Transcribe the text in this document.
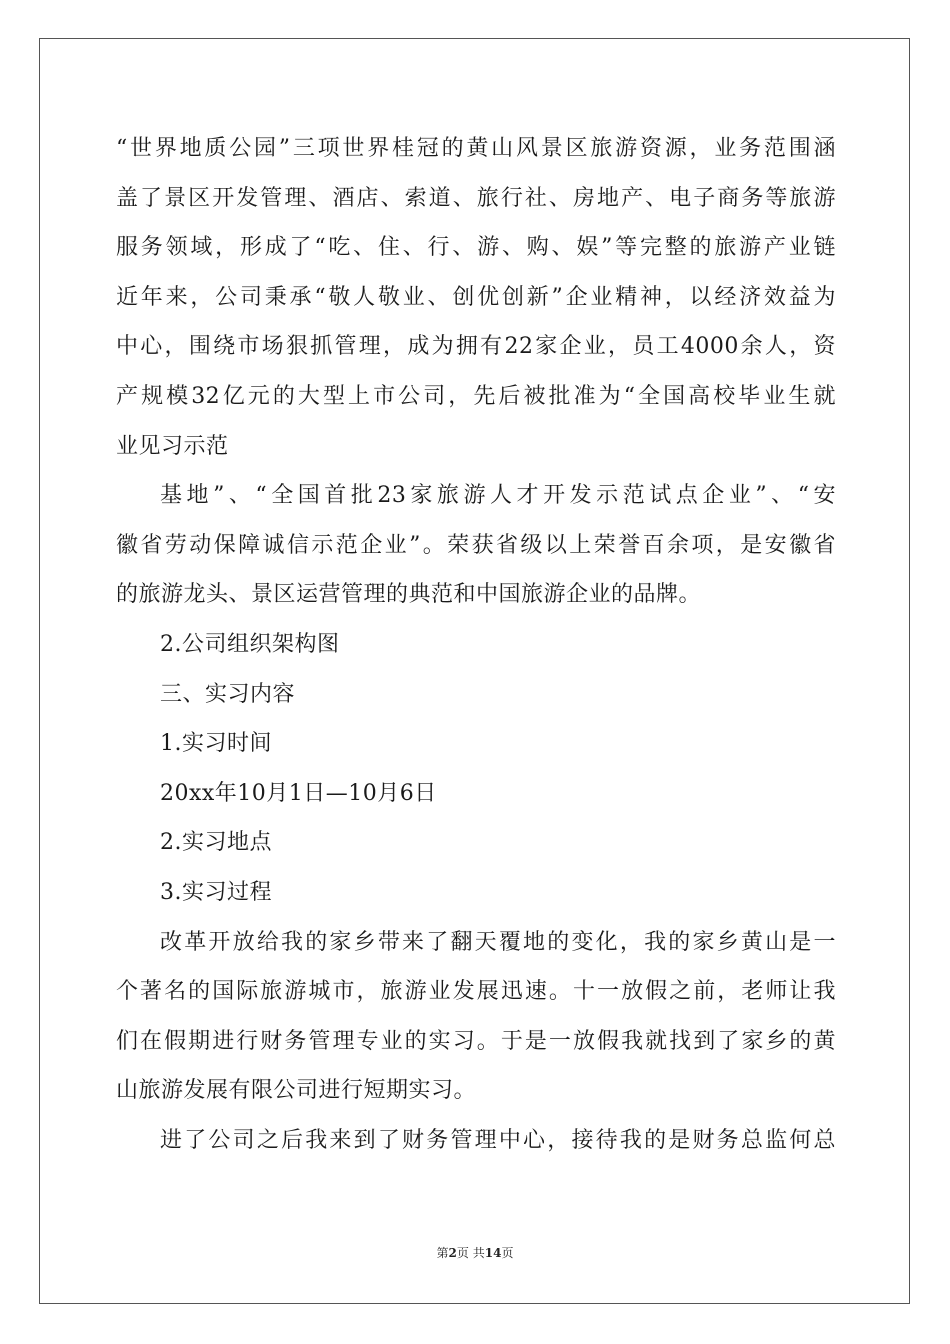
“世界地质公园”三项世界桂冠的黄山风景区旅游资源，业务范围涵
盖了景区开发管理、酒店、索道、旅行社、房地产、电子商务等旅游
服务领域，形成了“吃、住、行、游、购、娱”等完整的旅游产业链
近年来，公司秉承“敬人敬业、创优创新”企业精神，以经济效益为
中心，围绕市场狠抓管理，成为拥有22家企业，员工4000余人，资
产规模32亿元的大型上市公司，先后被批准为“全国高校毕业生就
业见习示范
基地”、“全国首批23家旅游人才开发示范试点企业”、“安
徽省劳动保障诚信示范企业”。荣获省级以上荣誉百余项，是安徽省
的旅游龙头、景区运营管理的典范和中国旅游企业的品牌。
2.公司组织架构图
三、实习内容
1.实习时间
20xx年10月1日—10月6日
2.实习地点
3.实习过程
改革开放给我的家乡带来了翻天覆地的变化，我的家乡黄山是一
个著名的国际旅游城市，旅游业发展迅速。十一放假之前，老师让我
们在假期进行财务管理专业的实习。于是一放假我就找到了家乡的黄
山旅游发展有限公司进行短期实习。
进了公司之后我来到了财务管理中心，接待我的是财务总监何总
第2页 共14页
